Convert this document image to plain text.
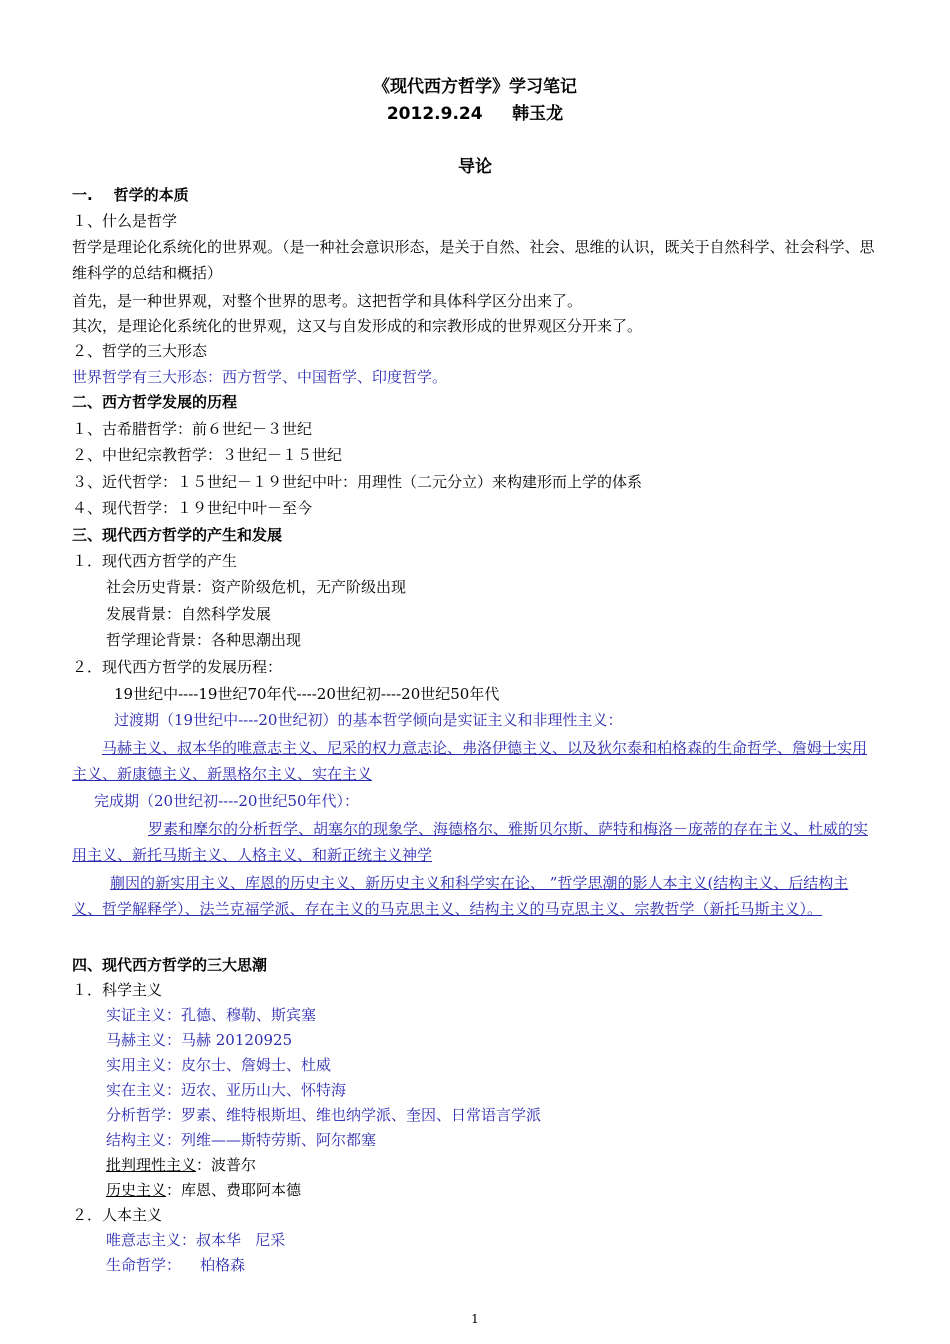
《现代西方哲学》学习笔记
2012.9.24     韩玉龙
导论
一.    哲学的本质
１、什么是哲学
哲学是理论化系统化的世界观。（是一种社会意识形态，是关于自然、社会、思维的认识，既关于自然科学、社会科学、思维科学的总结和概括）
首先，是一种世界观，对整个世界的思考。这把哲学和具体科学区分出来了。
其次，是理论化系统化的世界观，这又与自发形成的和宗教形成的世界观区分开来了。
２、哲学的三大形态
世界哲学有三大形态：西方哲学、中国哲学、印度哲学。
二、西方哲学发展的历程
１、古希腊哲学：前６世纪－３世纪
２、中世纪宗教哲学：３世纪－１５世纪
３、近代哲学：１５世纪－１９世纪中叶：用理性（二元分立）来构建形而上学的体系
４、现代哲学：１９世纪中叶－至今
三、现代西方哲学的产生和发展
１．现代西方哲学的产生
社会历史背景：资产阶级危机，无产阶级出现
发展背景：自然科学发展
哲学理论背景：各种思潮出现
２．现代西方哲学的发展历程：
19世纪中----19世纪70年代----20世纪初----20世纪50年代
过渡期（19世纪中----20世纪初）的基本哲学倾向是实证主义和非理性主义：
马赫主义、叔本华的唯意志主义、尼采的权力意志论、弗洛伊德主义、以及狄尔泰和柏格森的生命哲学、詹姆士实用主义、新康德主义、新黑格尔主义、实在主义
完成期（20世纪初----20世纪50年代）：
罗素和摩尔的分析哲学、胡塞尔的现象学、海德格尔、雅斯贝尔斯、萨特和梅洛－庞蒂的存在主义、杜威的实用主义、新托马斯主义、人格主义、和新正统主义神学
蒯因的新实用主义、库恩的历史主义、新历史主义和科学实在论、 ”哲学思潮的影人本主义(结构主义、后结构主义、哲学解释学）、法兰克福学派、存在主义的马克思主义、结构主义的马克思主义、宗教哲学（新托马斯主义）。
四、现代西方哲学的三大思潮
１．科学主义
实证主义：孔德、穆勒、斯宾塞
马赫主义：马赫 20120925
实用主义：皮尔士、詹姆士、杜威
实在主义：迈农、亚历山大、怀特海
分析哲学：罗素、维特根斯坦、维也纳学派、奎因、日常语言学派
结构主义：列维——斯特劳斯、阿尔都塞
批判理性主义：波普尔
历史主义：库恩、费耶阿本德
２．人本主义
唯意志主义：叔本华   尼采
生命哲学：    柏格森
1
